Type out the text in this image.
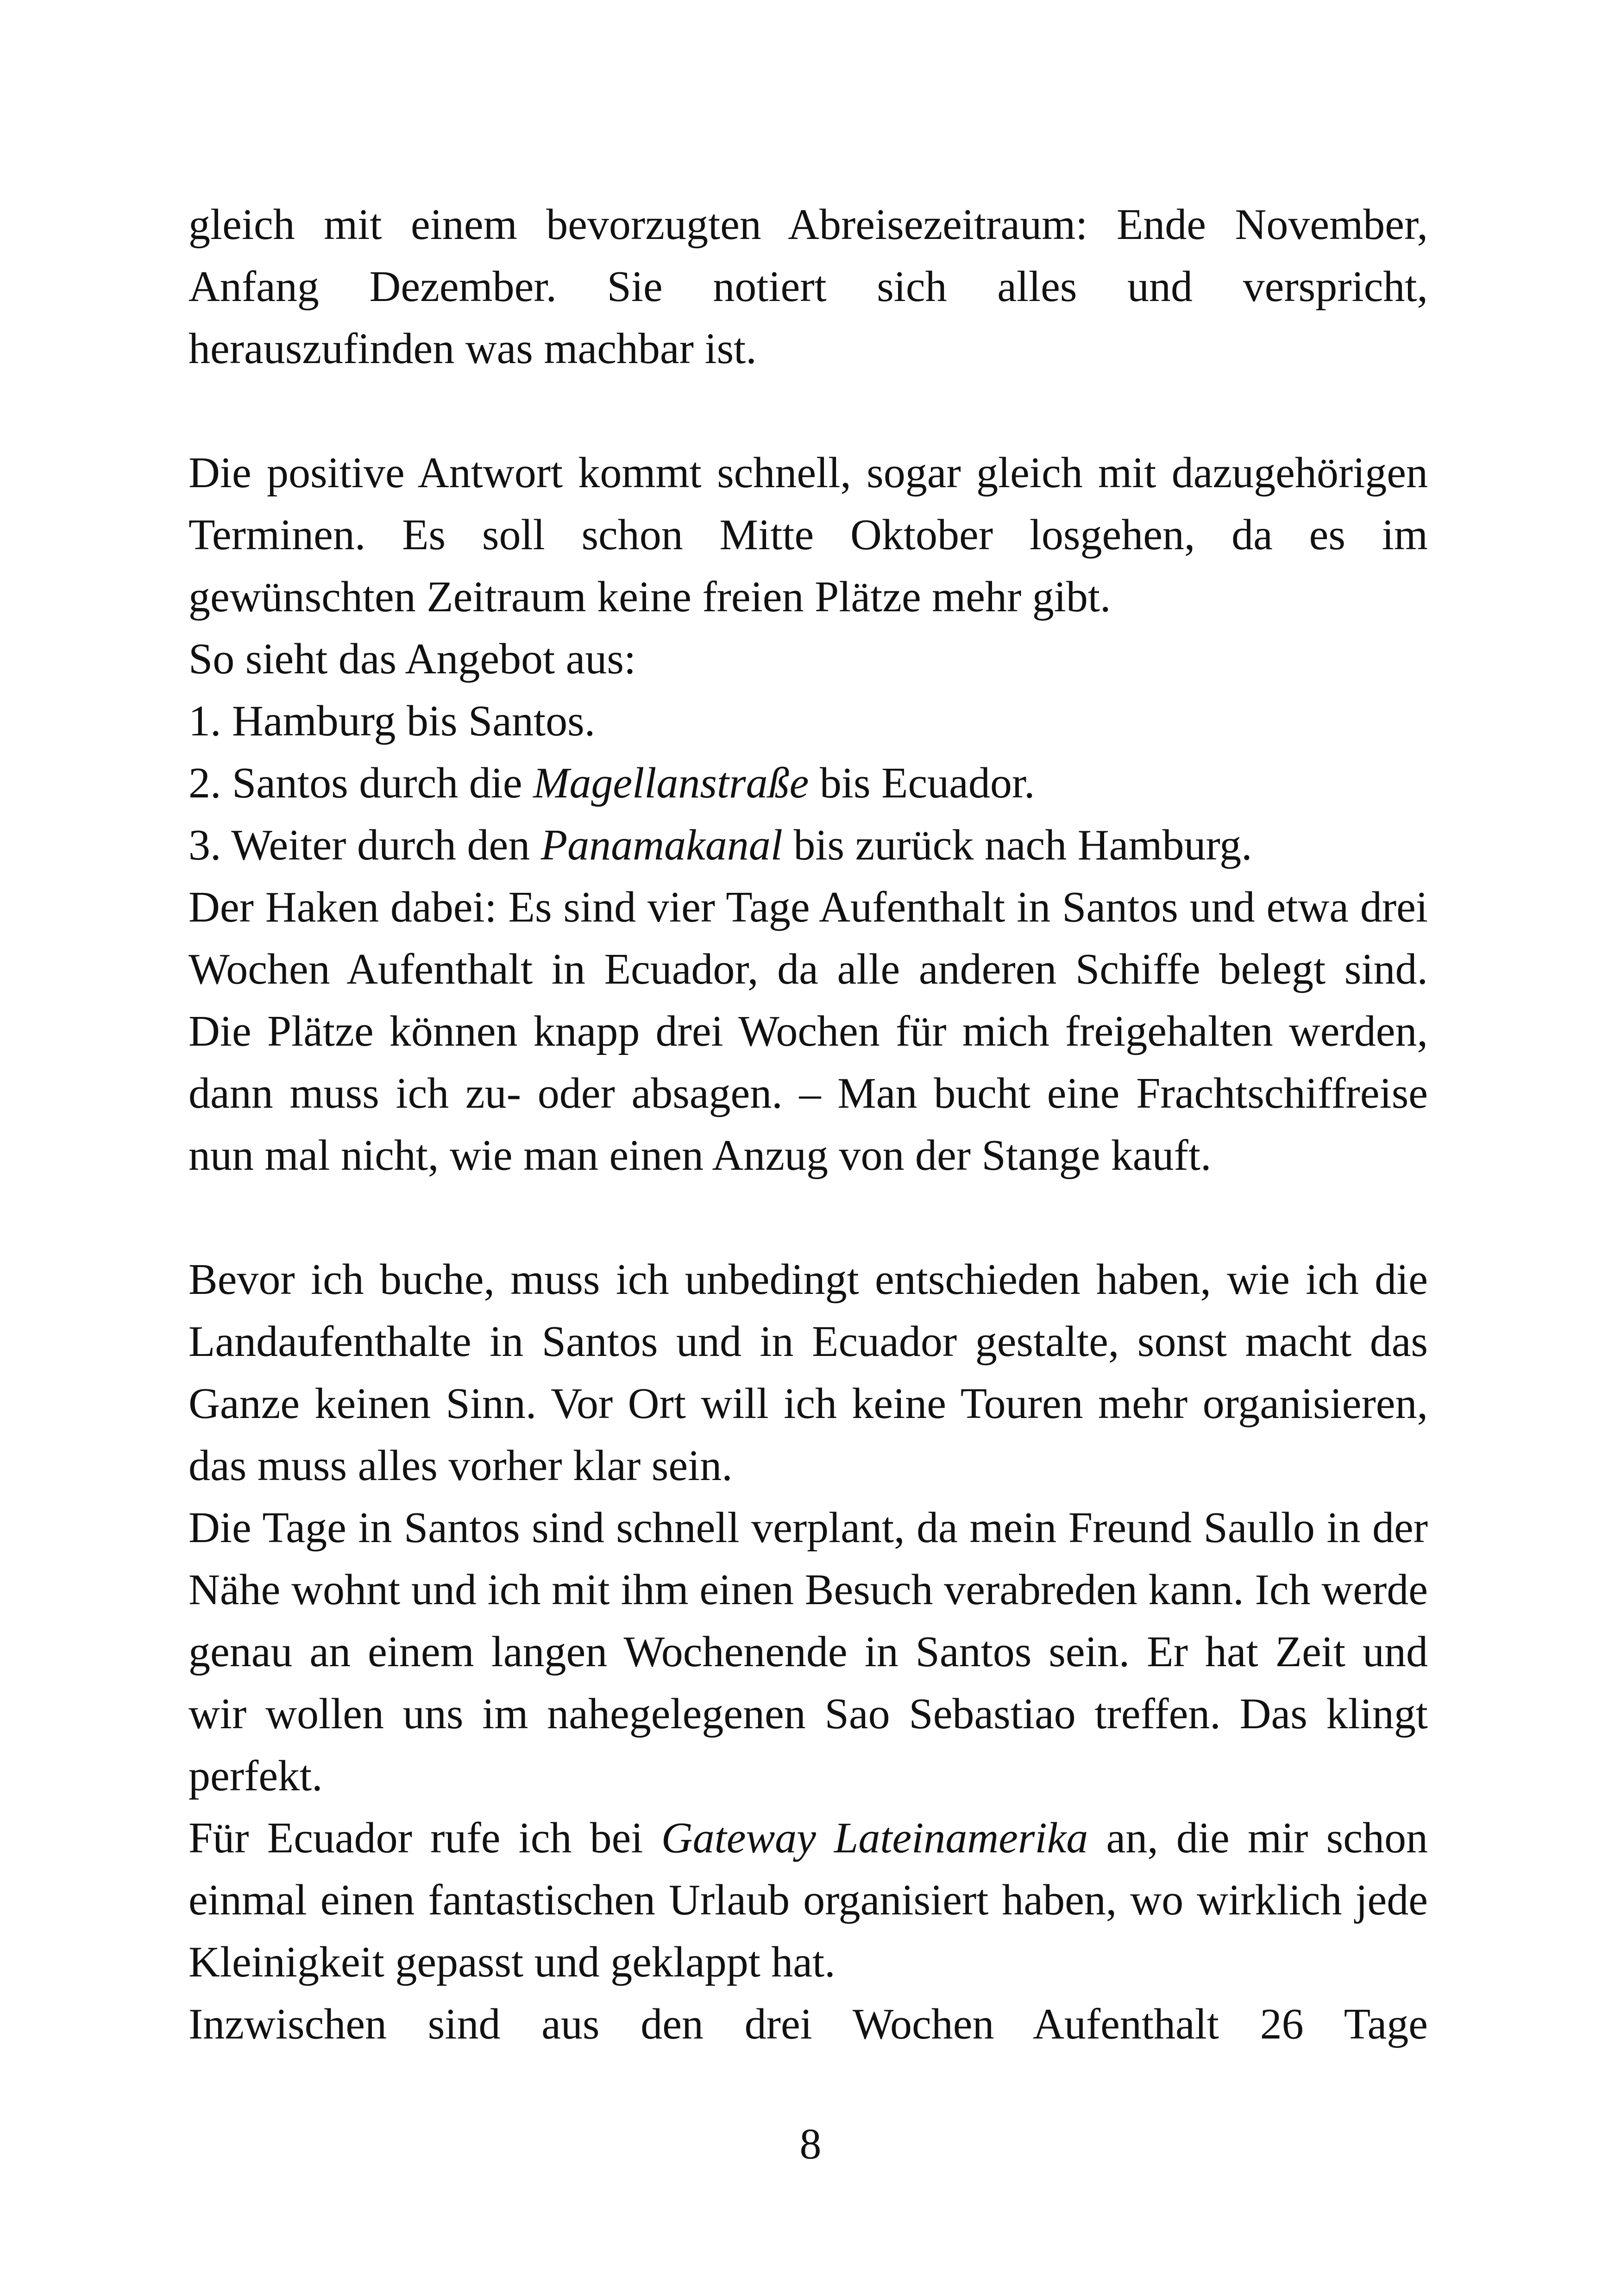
gleich mit einem bevorzugten Abreisezeitraum: Ende November, Anfang Dezember. Sie notiert sich alles und verspricht, herauszufinden was machbar ist.

Die positive Antwort kommt schnell, sogar gleich mit dazugehörigen Terminen. Es soll schon Mitte Oktober losgehen, da es im gewünschten Zeitraum keine freien Plätze mehr gibt.

So sieht das Angebot aus:

1. Hamburg bis Santos.

2. Santos durch die Magellanstraße bis Ecuador.

3. Weiter durch den Panamakanal bis zurück nach Hamburg.

Der Haken dabei: Es sind vier Tage Aufenthalt in Santos und etwa drei Wochen Aufenthalt in Ecuador, da alle anderen Schiffe belegt sind. Die Plätze können knapp drei Wochen für mich freigehalten werden, dann muss ich zu- oder absagen. – Man bucht eine Frachtschiffreise nun mal nicht, wie man einen Anzug von der Stange kauft.

Bevor ich buche, muss ich unbedingt entschieden haben, wie ich die Landaufenthalte in Santos und in Ecuador gestalte, sonst macht das Ganze keinen Sinn. Vor Ort will ich keine Touren mehr organisieren, das muss alles vorher klar sein.

Die Tage in Santos sind schnell verplant, da mein Freund Saullo in der Nähe wohnt und ich mit ihm einen Besuch verabreden kann. Ich werde genau an einem langen Wochenende in Santos sein. Er hat Zeit und wir wollen uns im nahegelegenen Sao Sebastiao treffen. Das klingt perfekt.

Für Ecuador rufe ich bei Gateway Lateinamerika an, die mir schon einmal einen fantastischen Urlaub organisiert haben, wo wirklich jede Kleinigkeit gepasst und geklappt hat.

Inzwischen sind aus den drei Wochen Aufenthalt 26 Tage

8
